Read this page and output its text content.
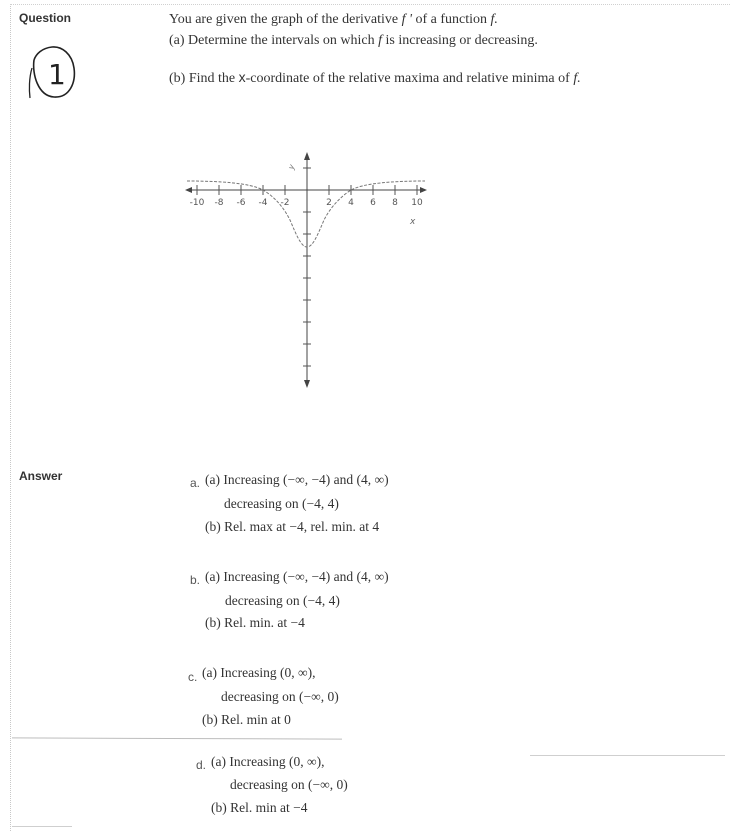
Question
1
You are given the graph of the derivative f ' of a function f.
(a) Determine the intervals on which f is increasing or decreasing.
(b) Find the x-coordinate of the relative maxima and relative minima of f.
-10 -8 -6 -4 -2	2 4 6 8 10
x
y
Answer	a. (a) Increasing (−∞, −4) and (4, ∞)
decreasing on (−4, 4)
(b) Rel. max at −4, rel. min. at 4
b. (a) Increasing (−∞, −4) and (4, ∞)
decreasing on (−4, 4)
(b) Rel. min. at −4
c. (a) Increasing (0, ∞),
decreasing on (−∞, 0)
(b) Rel. min at 0
d. (a) Increasing (0, ∞),
decreasing on (−∞, 0)
(b) Rel. min at −4
